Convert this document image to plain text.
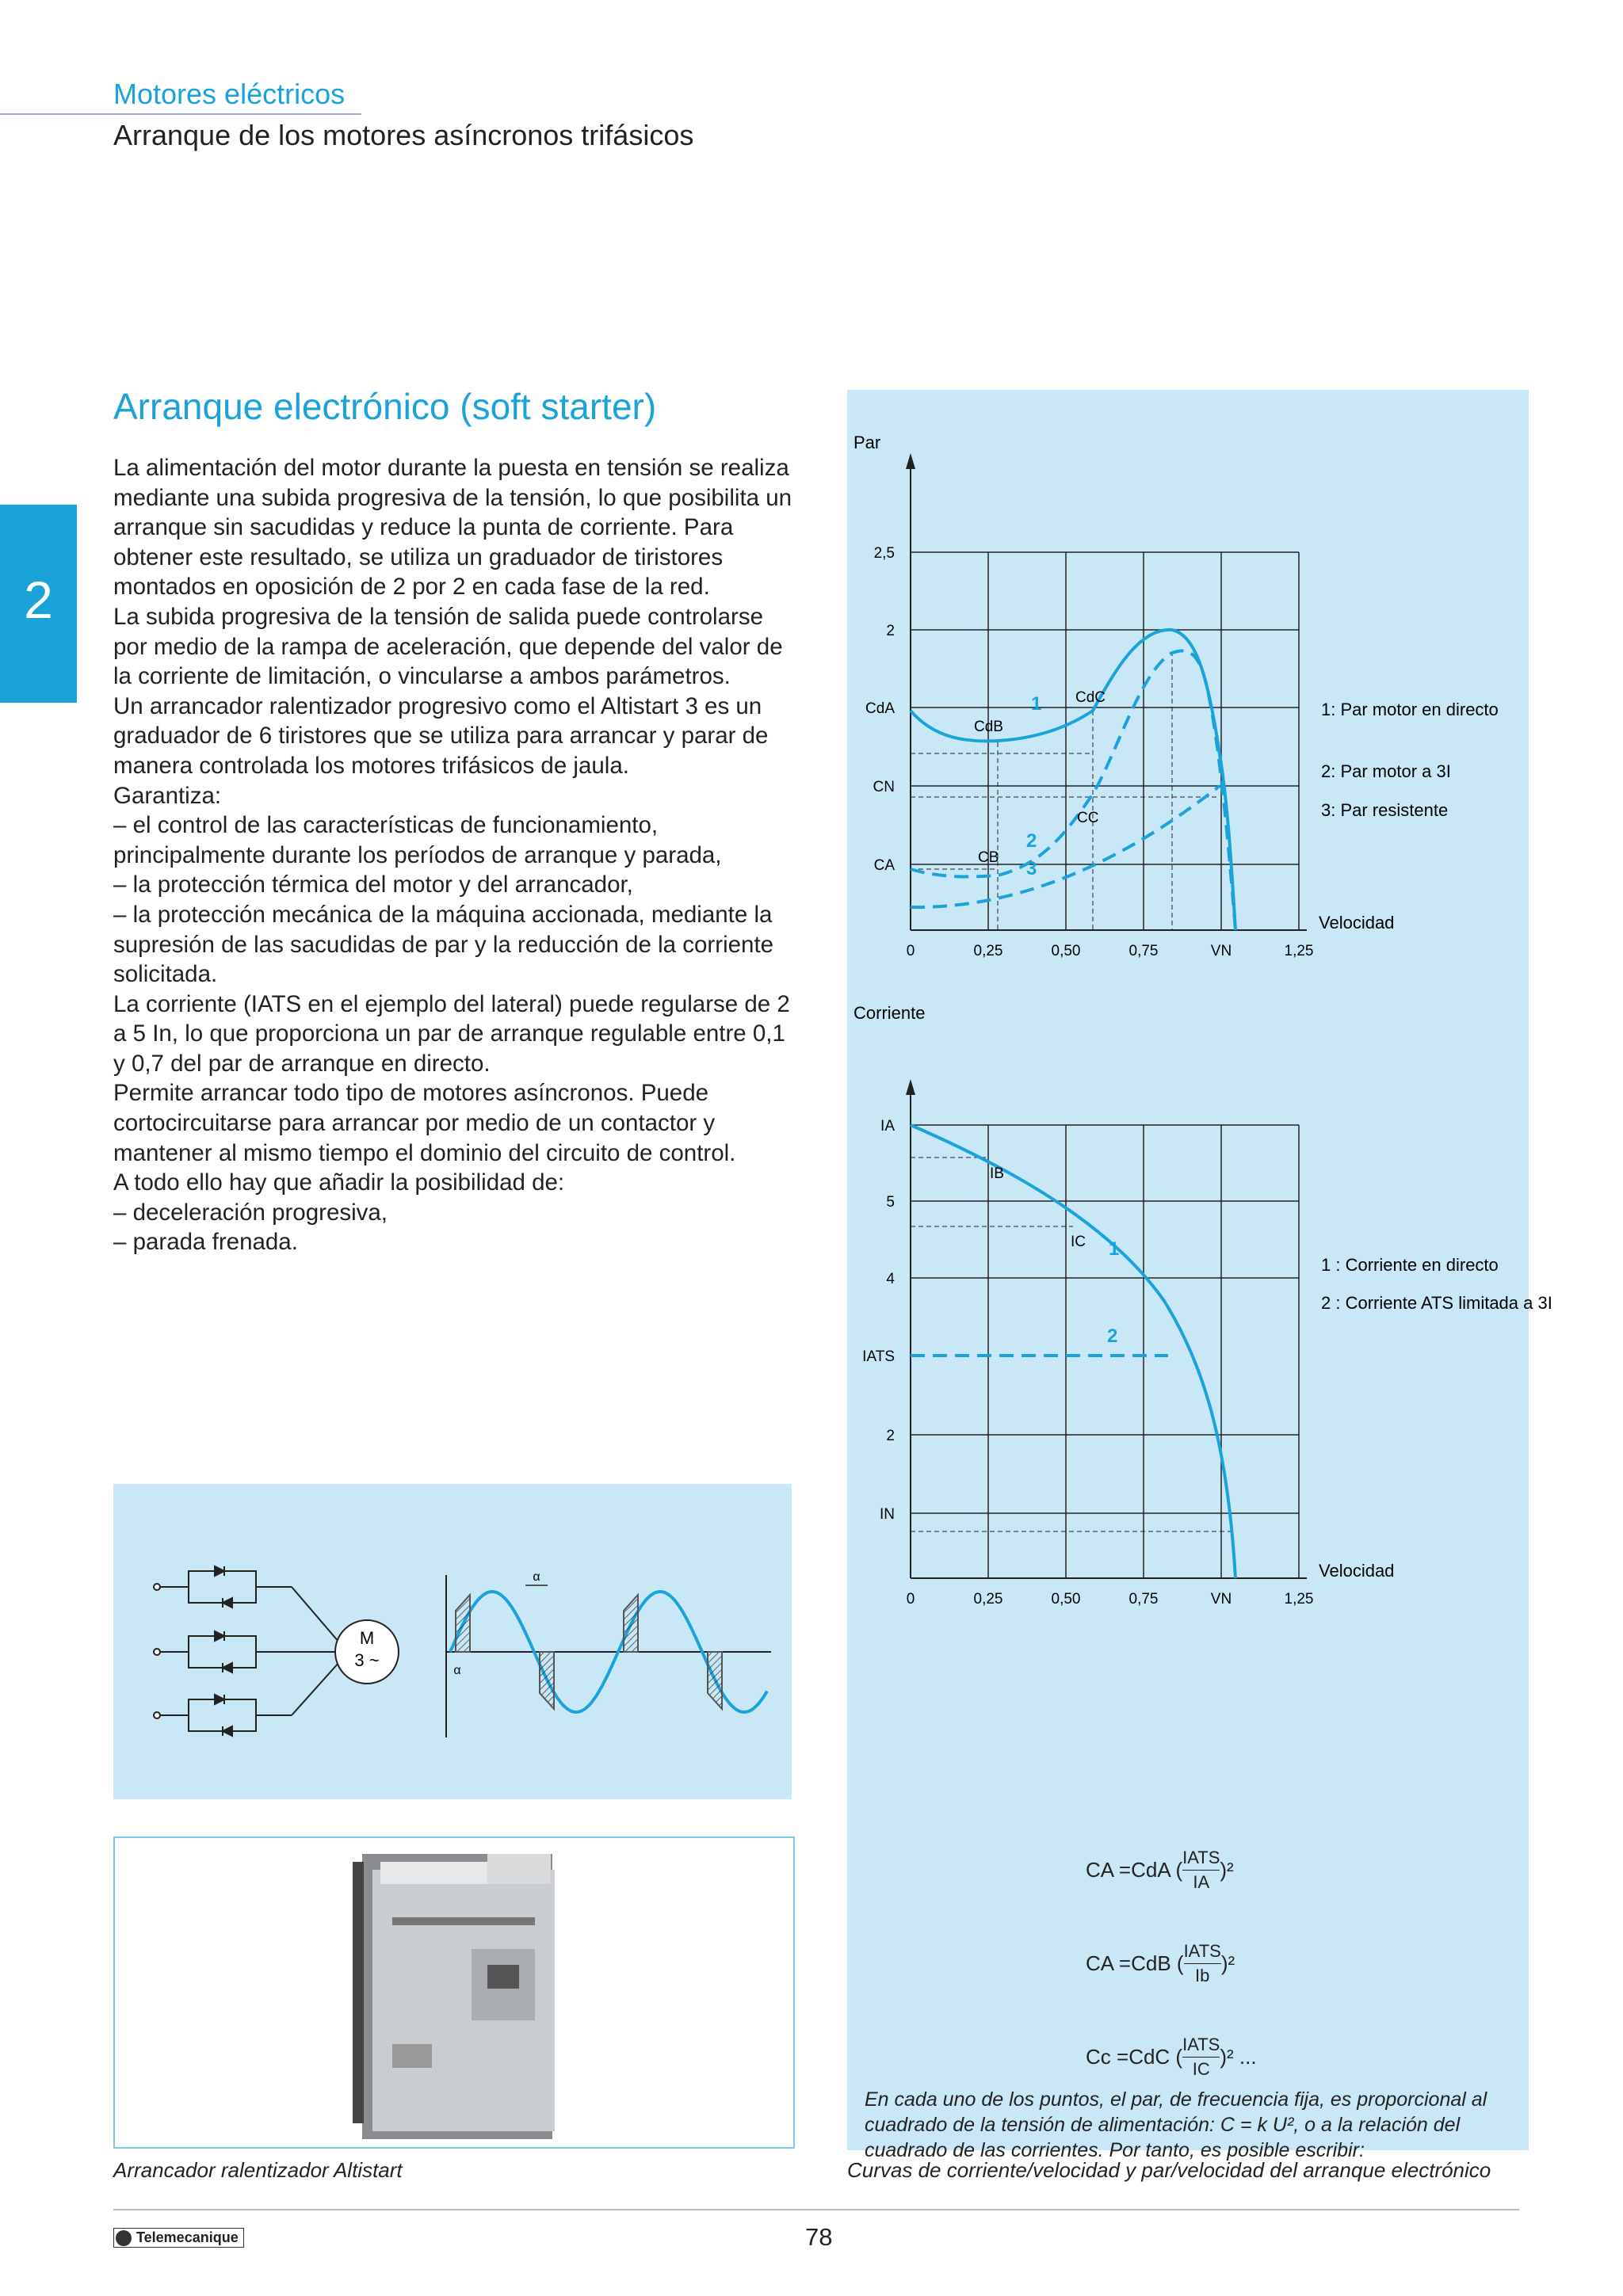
Motores eléctricos
Arranque de los motores asíncronos trifásicos
2
Arranque electrónico (soft starter)

La alimentación del motor durante la puesta en tensión se realiza mediante una subida progresiva de la tensión, lo que posibilita un arranque sin sacudidas y reduce la punta de corriente. Para obtener este resultado, se utiliza un graduador de tiristores montados en oposición de 2 por 2 en cada fase de la red.

La subida progresiva de la tensión de salida puede controlarse por medio de la rampa de aceleración, que depende del valor de la corriente de limitación, o vincularse a ambos parámetros.

Un arrancador ralentizador progresivo como el Altistart 3 es un graduador de 6 tiristores que se utiliza para arrancar y parar de manera controlada los motores trifásicos de jaula.

Garantiza:

– el control de las características de funcionamiento, principalmente durante los períodos de arranque y parada,

– la protección térmica del motor y del arrancador,

– la protección mecánica de la máquina accionada, mediante la supresión de las sacudidas de par y la reducción de la corriente solicitada.

La corriente (IATS en el ejemplo del lateral) puede regularse de 2 a 5 In, lo que proporciona un par de arranque regulable entre 0,1 y 0,7 del par de arranque en directo.

Permite arrancar todo tipo de motores asíncronos. Puede cortocircuitarse para arrancar por medio de un contactor y mantener al mismo tiempo el dominio del circuito de control.

A todo ello hay que añadir la posibilidad de:

– deceleración progresiva,

– parada frenada.

M
3 ~
α
α
Arrancador ralentizador Altistart
Par
Velocidad
2,5
2
CdA
CN
CA
0	0,25	0,50	0,75	VN	1,25
1
2
3
CdB
CdC
CC
CB
1: Par motor en directo
2: Par motor a 3I
3: Par resistente
Corriente
Velocidad
IA
5
4
IATS
2
IN
0	0,25	0,50	0,75	VN	1,25
1
2
IB
IC
1 : Corriente en directo
2 : Corriente ATS limitada a 3I
En cada uno de los puntos, el par, de frecuencia fija, es proporcional al cuadrado de la tensión de alimentación: C = k U², o a la relación del cuadrado de las corrientes. Por tanto, es posible escribir:
Curvas de corriente/velocidad y par/velocidad del arranque electrónico
CA = CdA (
IATS
IA
)²
CA = CdB (
IATS
Ib
)²
Cc = CdC (
IATS
IC
)² ...
Telemecanique	78
